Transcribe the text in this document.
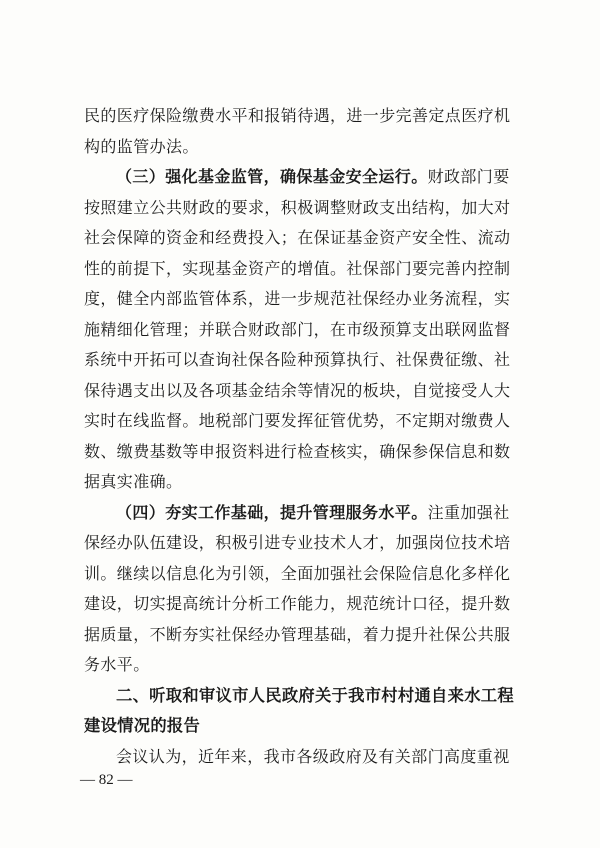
民的医疗保险缴费水平和报销待遇，进一步完善定点医疗机
构的监管办法。
（三）强化基金监管，确保基金安全运行。财政部门要
按照建立公共财政的要求，积极调整财政支出结构，加大对
社会保障的资金和经费投入；在保证基金资产安全性、流动
性的前提下，实现基金资产的增值。社保部门要完善内控制
度，健全内部监管体系，进一步规范社保经办业务流程，实
施精细化管理；并联合财政部门，在市级预算支出联网监督
系统中开拓可以查询社保各险种预算执行、社保费征缴、社
保待遇支出以及各项基金结余等情况的板块，自觉接受人大
实时在线监督。地税部门要发挥征管优势，不定期对缴费人
数、缴费基数等申报资料进行检查核实，确保参保信息和数
据真实准确。
（四）夯实工作基础，提升管理服务水平。注重加强社
保经办队伍建设，积极引进专业技术人才，加强岗位技术培
训。继续以信息化为引领，全面加强社会保险信息化多样化
建设，切实提高统计分析工作能力，规范统计口径，提升数
据质量，不断夯实社保经办管理基础，着力提升社保公共服
务水平。
二、听取和审议市人民政府关于我市村村通自来水工程
建设情况的报告
会议认为，近年来，我市各级政府及有关部门高度重视
— 82 —
